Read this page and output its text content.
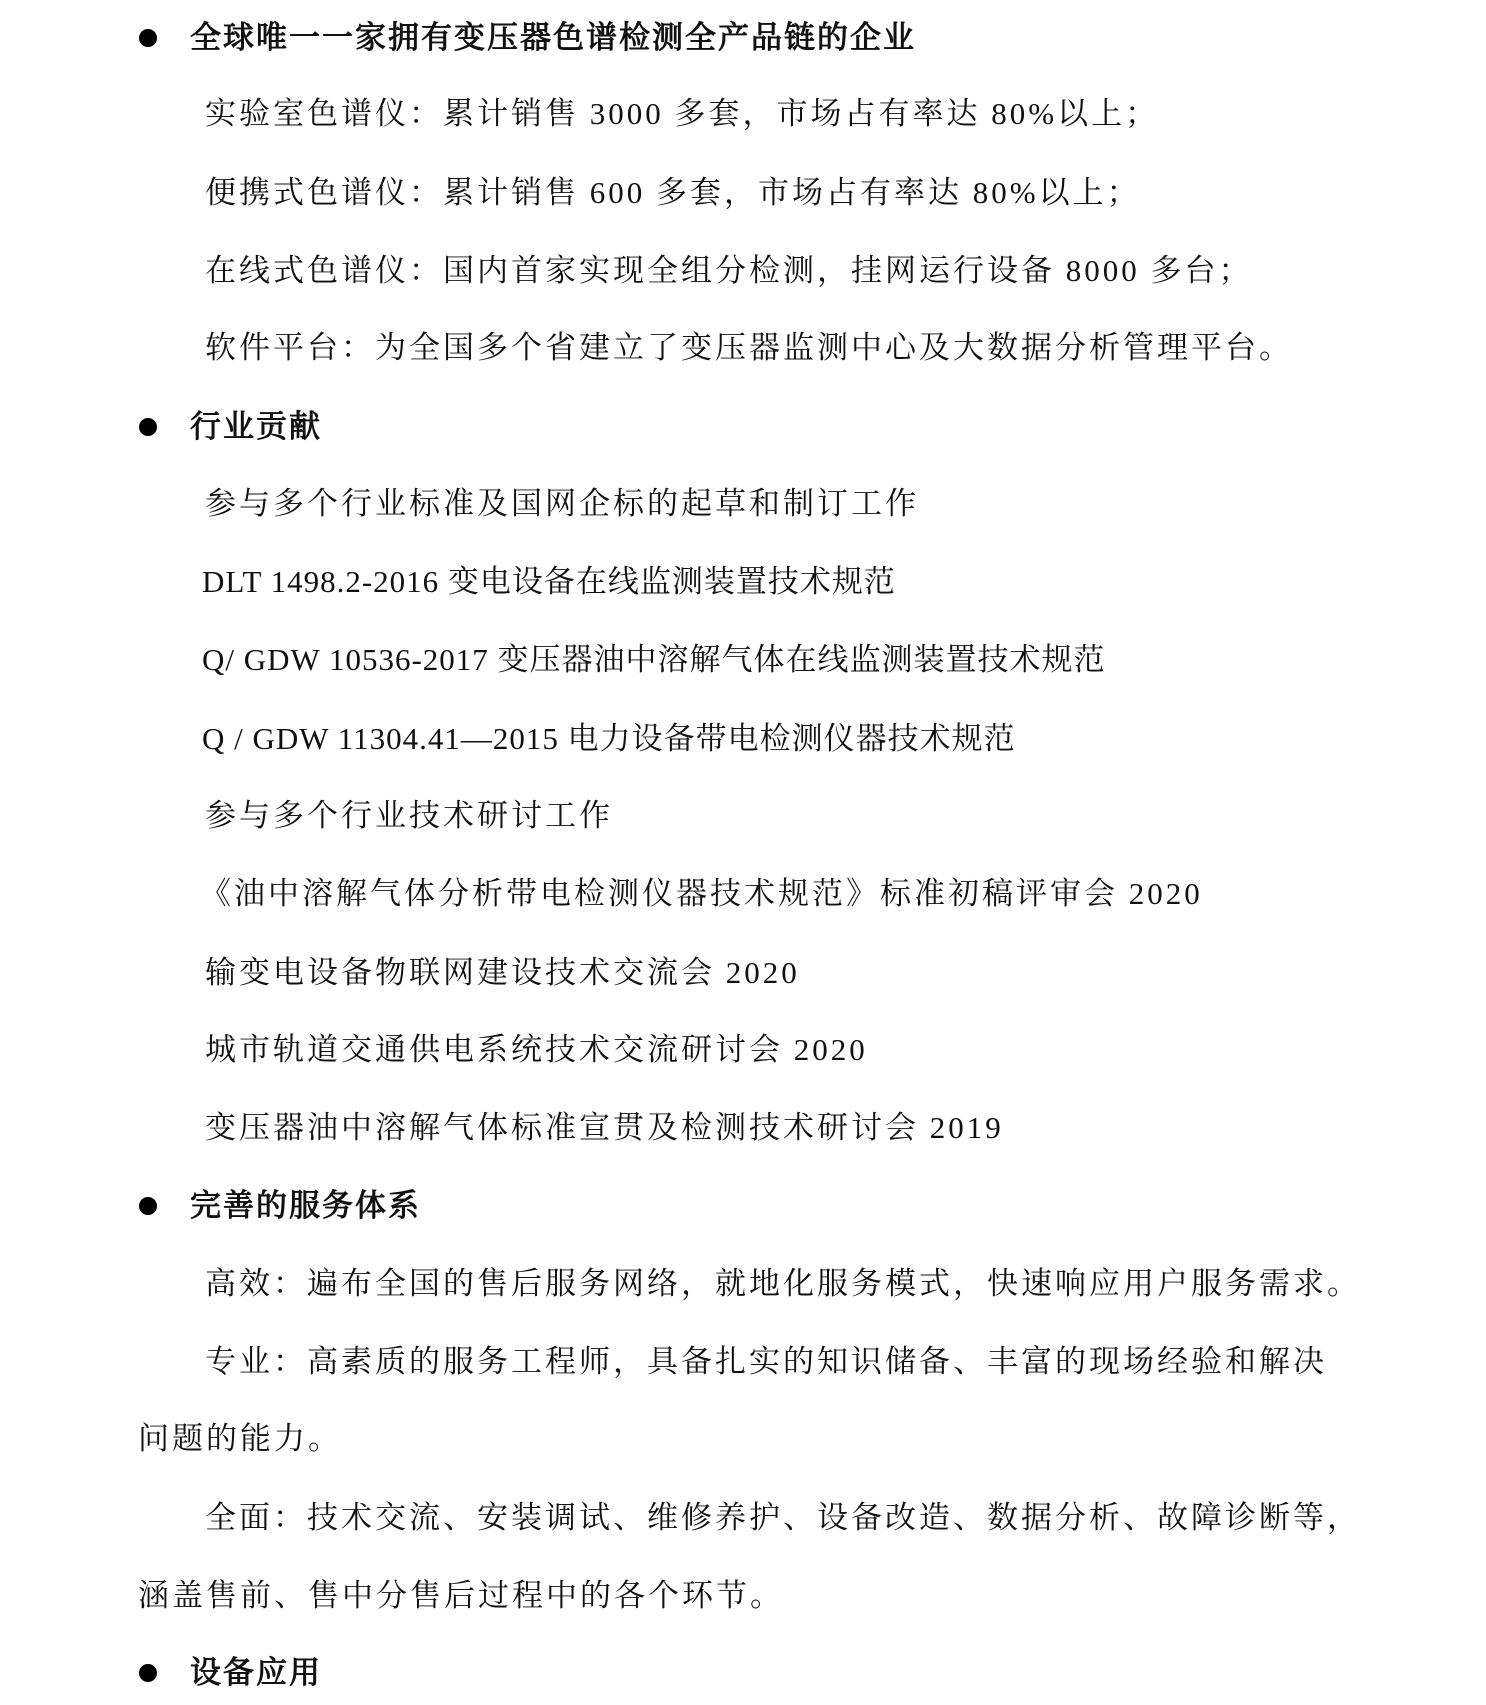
全球唯一一家拥有变压器色谱检测全产品链的企业
实验室色谱仪：累计销售 3000 多套，市场占有率达 80%以上；
便携式色谱仪：累计销售 600 多套，市场占有率达 80%以上；
在线式色谱仪：国内首家实现全组分检测，挂网运行设备 8000 多台；
软件平台：为全国多个省建立了变压器监测中心及大数据分析管理平台。
行业贡献
参与多个行业标准及国网企标的起草和制订工作
DLT 1498.2-2016 变电设备在线监测装置技术规范
Q/ GDW 10536-2017 变压器油中溶解气体在线监测装置技术规范
Q / GDW 11304.41—2015 电力设备带电检测仪器技术规范
参与多个行业技术研讨工作
《油中溶解气体分析带电检测仪器技术规范》标准初稿评审会 2020
输变电设备物联网建设技术交流会 2020
城市轨道交通供电系统技术交流研讨会 2020
变压器油中溶解气体标准宣贯及检测技术研讨会 2019
完善的服务体系
高效：遍布全国的售后服务网络，就地化服务模式，快速响应用户服务需求。
专业：高素质的服务工程师，具备扎实的知识储备、丰富的现场经验和解决
问题的能力。
全面：技术交流、安装调试、维修养护、设备改造、数据分析、故障诊断等，
涵盖售前、售中分售后过程中的各个环节。
设备应用
